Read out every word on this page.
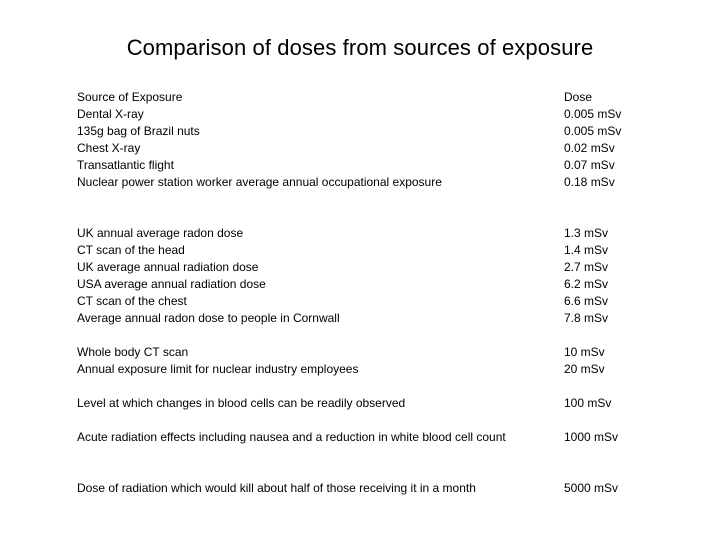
Comparison of doses from sources of exposure
Source of Exposure	Dose
Dental X-ray	0.005 mSv
135g bag of Brazil nuts	0.005 mSv
Chest X-ray	0.02 mSv
Transatlantic flight	0.07 mSv
Nuclear power station worker average annual occupational exposure	0.18 mSv
UK annual average radon dose	1.3 mSv
CT scan of the head	1.4 mSv
UK average annual radiation dose	2.7 mSv
USA average annual radiation dose	6.2 mSv
CT scan of the chest	6.6 mSv
Average annual radon dose to people in Cornwall	7.8 mSv
Whole body CT scan	10 mSv
Annual exposure limit for nuclear industry employees	20 mSv
Level at which changes in blood cells can be readily observed	100 mSv
Acute radiation effects including nausea and a reduction in white blood cell count	1000 mSv
Dose of radiation which would kill about half of those receiving it in a month	5000 mSv
